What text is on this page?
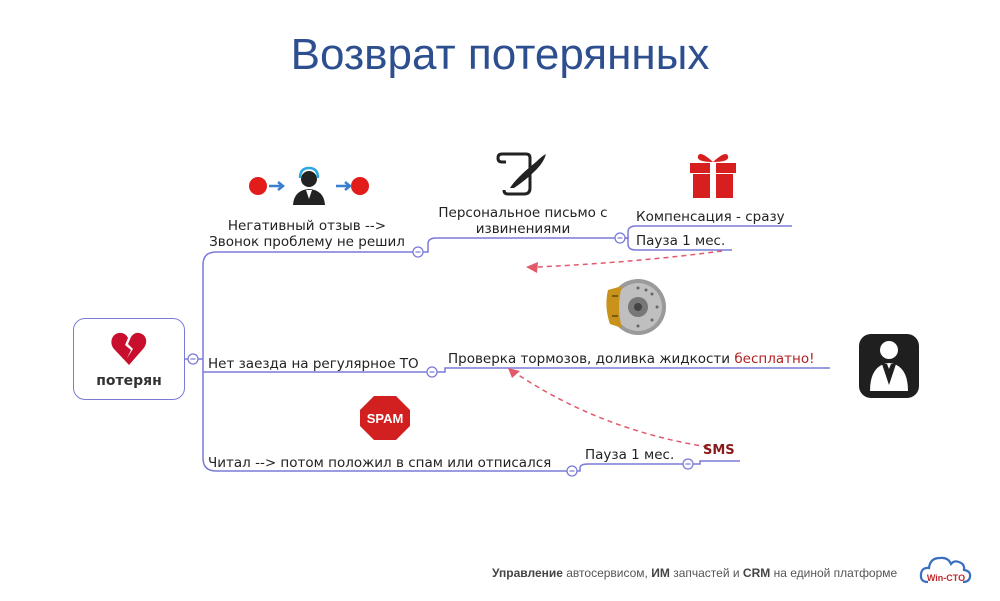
Возврат потерянных
потерян
Негативный отзыв -->
Звонок проблему не решил
Персональное письмо с
извинениями
Компенсация - сразу
Пауза 1 мес.
Нет заезда на регулярное ТО Проверка тормозов, доливка жидкости бесплатно!
Читал --> потом положил в спам или отписался	Пауза 1 мес. SMS
SPAM
Управление автосервисом, ИМ запчастей и CRM на единой платформе	Win-CTO
